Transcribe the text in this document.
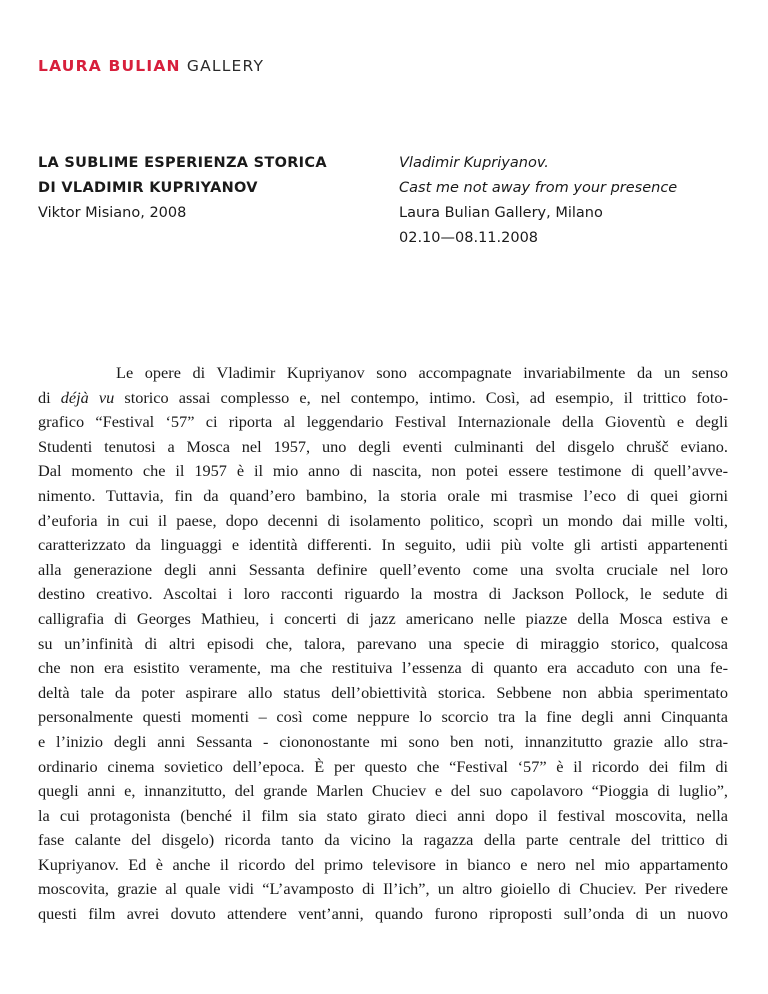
LAURA BULIAN GALLERY
LA SUBLIME ESPERIENZA STORICA
DI VLADIMIR KUPRIYANOV
Viktor Misiano, 2008
Vladimir Kupriyanov.
Cast me not away from your presence
Laura Bulian Gallery, Milano
02.10—08.11.2008
Le opere di Vladimir Kupriyanov sono accompagnate invariabilmente da un senso
di déjà vu storico assai complesso e, nel contempo, intimo. Così, ad esempio, il trittico foto-
grafico “Festival ‘57” ci riporta al leggendario Festival Internazionale della Gioventù e degli
Studenti tenutosi a Mosca nel 1957, uno degli eventi culminanti del disgelo chrušč eviano.
Dal momento che il 1957 è il mio anno di nascita, non potei essere testimone di quell’avve-
nimento. Tuttavia, fin da quand’ero bambino, la storia orale mi trasmise l’eco di quei giorni
d’euforia in cui il paese, dopo decenni di isolamento politico, scoprì un mondo dai mille volti,
caratterizzato da linguaggi e identità differenti. In seguito, udii più volte gli artisti appartenenti
alla generazione degli anni Sessanta definire quell’evento come una svolta cruciale nel loro
destino creativo. Ascoltai i loro racconti riguardo la mostra di Jackson Pollock, le sedute di
calligrafia di Georges Mathieu, i concerti di jazz americano nelle piazze della Mosca estiva e
su un’infinità di altri episodi che, talora, parevano una specie di miraggio storico, qualcosa
che non era esistito veramente, ma che restituiva l’essenza di quanto era accaduto con una fe-
deltà tale da poter aspirare allo status dell’obiettività storica. Sebbene non abbia sperimentato
personalmente questi momenti – così come neppure lo scorcio tra la fine degli anni Cinquanta
e l’inizio degli anni Sessanta - ciononostante mi sono ben noti, innanzitutto grazie allo stra-
ordinario cinema sovietico dell’epoca. È per questo che “Festival ‘57” è il ricordo dei film di
quegli anni e, innanzitutto, del grande Marlen Chuciev e del suo capolavoro “Pioggia di luglio”,
la cui protagonista (benché il film sia stato girato dieci anni dopo il festival moscovita, nella
fase calante del disgelo) ricorda tanto da vicino la ragazza della parte centrale del trittico di
Kupriyanov. Ed è anche il ricordo del primo televisore in bianco e nero nel mio appartamento
moscovita, grazie al quale vidi “L’avamposto di Il’ich”, un altro gioiello di Chuciev. Per rivedere
questi film avrei dovuto attendere vent’anni, quando furono riproposti sull’onda di un nuovo
